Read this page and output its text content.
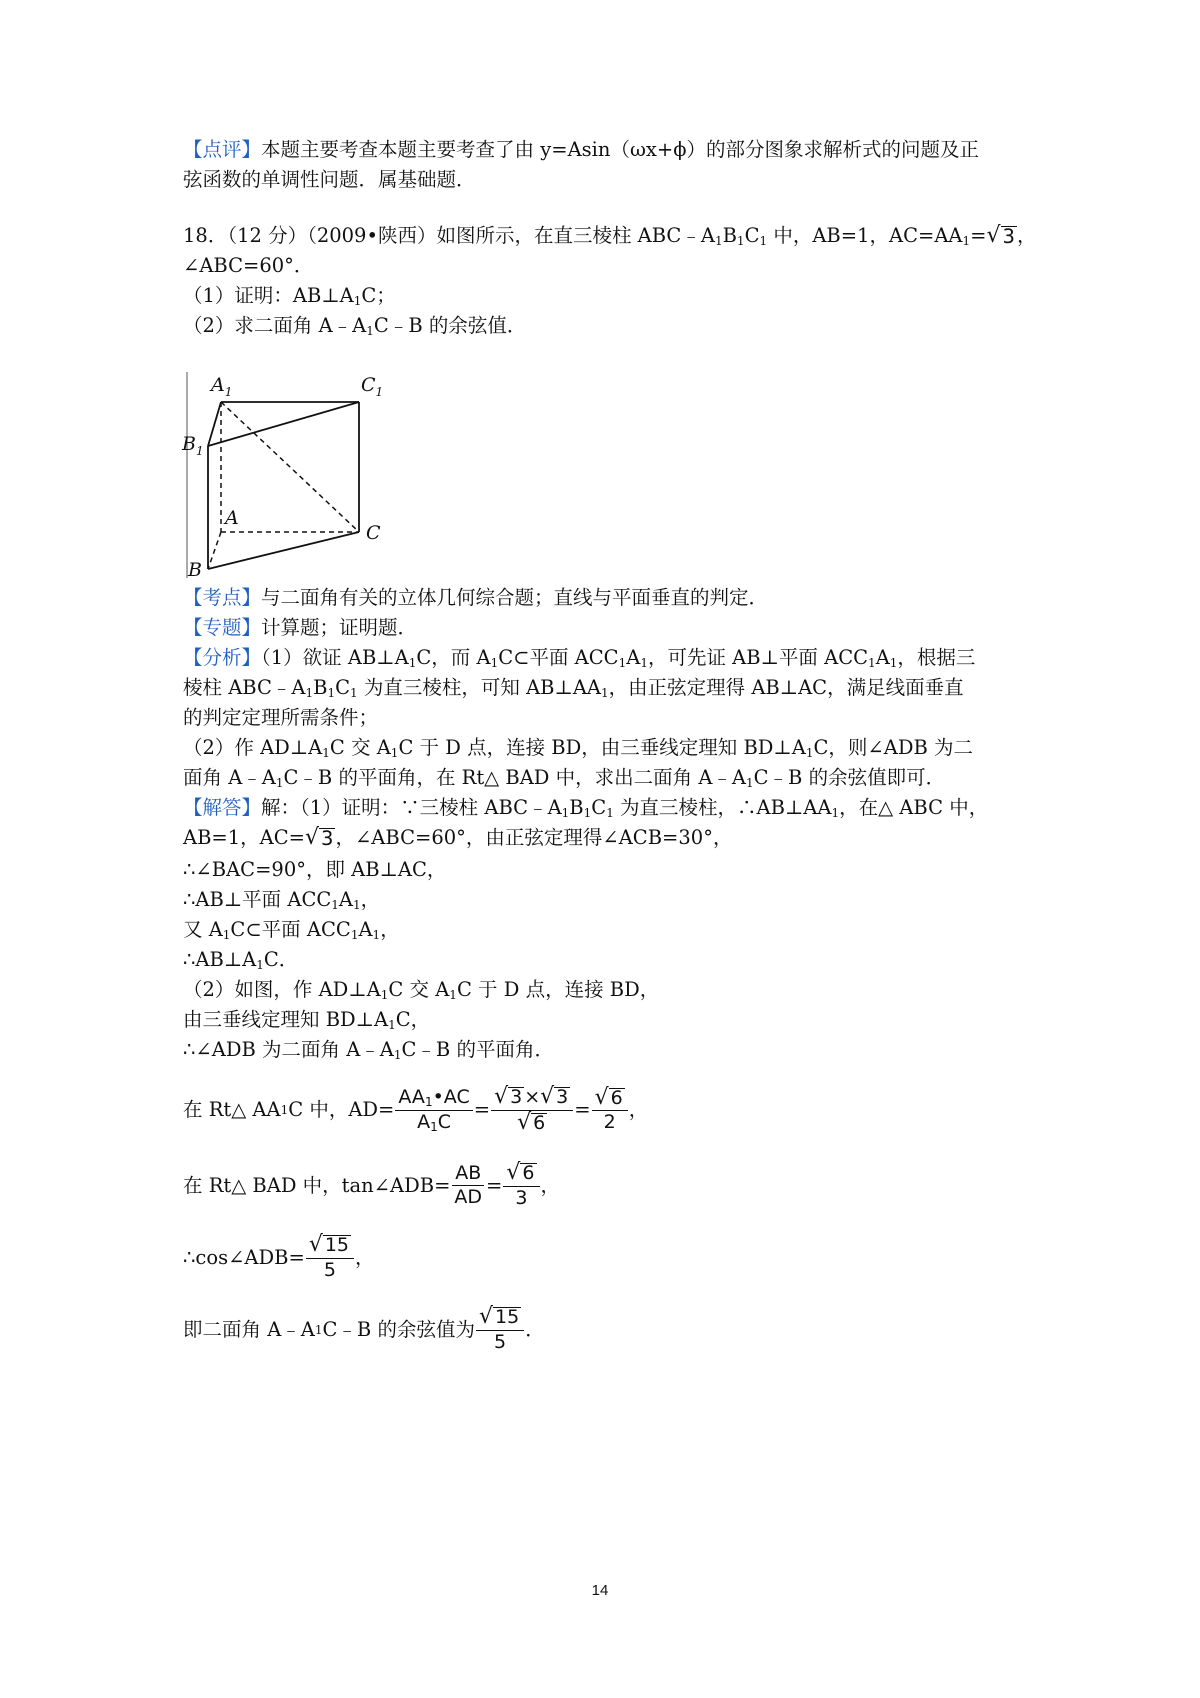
【点评】本题主要考查本题主要考查了由 y=Asin（ωx+ϕ）的部分图象求解析式的问题及正
弦函数的单调性问题．属基础题．
18．（12 分）（2009•陕西）如图所示，在直三棱柱 $ABC﹣A_1B_1C_1$ 中，AB=1，$AC=AA_1=$ √ 3 ，
∠ABC=60°．
（1）证明：$AB\perp A_1C$；
（2）求二面角 $A﹣A_1C﹣B$ 的余弦值．
$A_1$	$C_1$
$B_1$
A
C
B
【考点】与二面角有关的立体几何综合题；直线与平面垂直的判定．
【专题】计算题；证明题．
【分析】（1）欲证 $AB\perp A_1C$，而 $A_1C\subset$平面 $ACC_1A_1$，可先证 AB⊥平面 $ACC_1A_1$，根据三
棱柱 $ABC﹣A_1B_1C_1$ 为直三棱柱，可知 $AB\perp AA_1$，由正弦定理得 AB⊥AC，满足线面垂直
的判定定理所需条件；
（2）作 $AD\perp A_1C$ 交 $A_1C$ 于 D 点，连接 BD，由三垂线定理知 $BD\perp A_1C$，则∠ADB 为二
面角 $A﹣A_1C﹣B$ 的平面角，在 Rt△ BAD 中，求出二面角 $A﹣A_1C﹣B$ 的余弦值即可．
【解答】解：（1）证明：∵三棱柱 $ABC﹣A_1B_1C_1$ 为直三棱柱，$\therefore AB\perp AA_1$，在△ ABC 中，
AB=1，AC= √ 3 ，∠ABC=60°，由正弦定理得∠ACB=30°，
∴∠BAC=90°，即 AB⊥AC，
∴AB⊥平面 $ACC_1A_1$，
又 $A_1C\subset$平面 $ACC_1A_1$，
$\therefore AB\perp A_1C$．
（2）如图，作 $AD\perp A_1C$ 交 $A_1C$ 于 D 点，连接 BD，
由三垂线定理知 $BD\perp A_1C$，
∴∠ADB 为二面角 $A﹣A_1C﹣B$ 的平面角．
在 Rt△ AA 1 C 中，$AD= \frac{AA_1•AC}{A_1C} = \frac{√ 3 \times √ 3}{√ 6} = \frac{√ 6}{2}$ ，
在 Rt△ BAD 中，tan∠ADB= $\frac{AB}{AD} = \frac{√ 6}{3}$ ，
∴cos∠ADB= $\frac{√ 15}{5}$ ，
即二面角 A﹣A 1 C﹣B 的余弦值为 $\frac{√ 15}{5}$ ．
14
